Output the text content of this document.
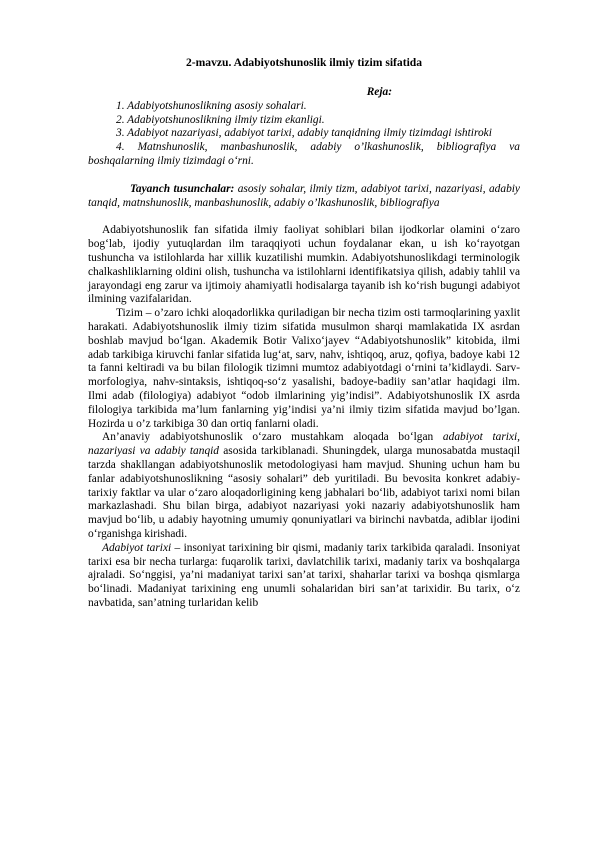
2-mavzu. Adabiyotshunoslik ilmiy tizim sifatida
Reja:

1. Adabiyotshunoslikning asosiy sohalari.

2. Adabiyotshunoslikning ilmiy tizim ekanligi.

3. Adabiyot nazariyasi, adabiyot tarixi, adabiy tanqidning ilmiy tizimdagi ishtiroki

4. Matnshunoslik, manbashunoslik, adabiy o’lkashunoslik, bibliografiya va boshqalarning ilmiy tizimdagi o‘rni.

Tayanch tusunchalar: asosiy sohalar, ilmiy tizm, adabiyot tarixi, nazariyasi, adabiy tanqid, matnshunoslik, manbashunoslik, adabiy o’lkashunoslik, bibliografiya

Adabiyotshunoslik fan sifatida ilmiy faoliyat sohiblari bilan ijodkorlar olamini o‘zaro bog‘lab, ijodiy yutuqlardan ilm taraqqiyoti uchun foydalanar ekan, u ish ko‘rayotgan tushuncha va istilohlarda har xillik kuzatilishi mumkin. Adabiyotshunoslikdagi terminologik chalkashliklarning oldini olish, tushuncha va istilohlarni identifikatsiya qilish, adabiy tahlil va jarayondagi eng zarur va ijtimoiy ahamiyatli hodisalarga tayanib ish ko‘rish bugungi adabiyot ilmining vazifalaridan.

Tizim – o’zaro ichki aloqadorlikka quriladigan bir necha tizim osti tarmoqlarining yaxlit harakati. Adabiyotshunoslik ilmiy tizim sifatida musulmon sharqi mamlakatida IX asrdan boshlab mavjud bo‘lgan. Akademik Botir Valixo‘jayev “Adabiyotshunoslik” kitobida, ilmi adab tarkibiga kiruvchi fanlar sifatida lug‘at, sarv, nahv, ishtiqoq, aruz, qofiya, badoye kabi 12 ta fanni keltiradi va bu bilan filologik tizimni mumtoz adabiyotdagi o‘rnini ta’kidlaydi. Sarv-morfologiya, nahv-sintaksis, ishtiqoq-so‘z yasalishi, badoye-badiiy san’atlar haqidagi ilm. Ilmi adab (filologiya) adabiyot “odob ilmlarining yig’indisi”. Adabiyotshunoslik IX asrda filologiya tarkibida ma’lum fanlarning yig’indisi ya’ni ilmiy tizim sifatida mavjud bo’lgan. Hozirda u o’z tarkibiga 30 dan ortiq fanlarni oladi.

An’anaviy adabiyotshunoslik o‘zaro mustahkam aloqada bo‘lgan adabiyot tarixi, nazariyasi va adabiy tanqid asosida tarkiblanadi. Shuningdek, ularga munosabatda mustaqil tarzda shakllangan adabiyotshunoslik metodologiyasi ham mavjud. Shuning uchun ham bu fanlar adabiyotshunoslikning “asosiy sohalari” deb yuritiladi. Bu bevosita konkret adabiy-tarixiy faktlar va ular o‘zaro aloqadorligining keng jabhalari bo‘lib, adabiyot tarixi nomi bilan markazlashadi. Shu bilan birga, adabiyot nazariyasi yoki nazariy adabiyotshunoslik ham mavjud bo‘lib, u adabiy hayotning umumiy qonuniyatlari va birinchi navbatda, adiblar ijodini o‘rganishga kirishadi.

Adabiyot tarixi – insoniyat tarixining bir qismi, madaniy tarix tarkibida qaraladi. Insoniyat tarixi esa bir necha turlarga: fuqarolik tarixi, davlatchilik tarixi, madaniy tarix va boshqalarga ajraladi. So‘nggisi, ya’ni madaniyat tarixi san’at tarixi, shaharlar tarixi va boshqa qismlarga bo‘linadi. Madaniyat tarixining eng unumli sohalaridan biri san’at tarixidir. Bu tarix, o‘z navbatida, san’atning turlaridan kelib
